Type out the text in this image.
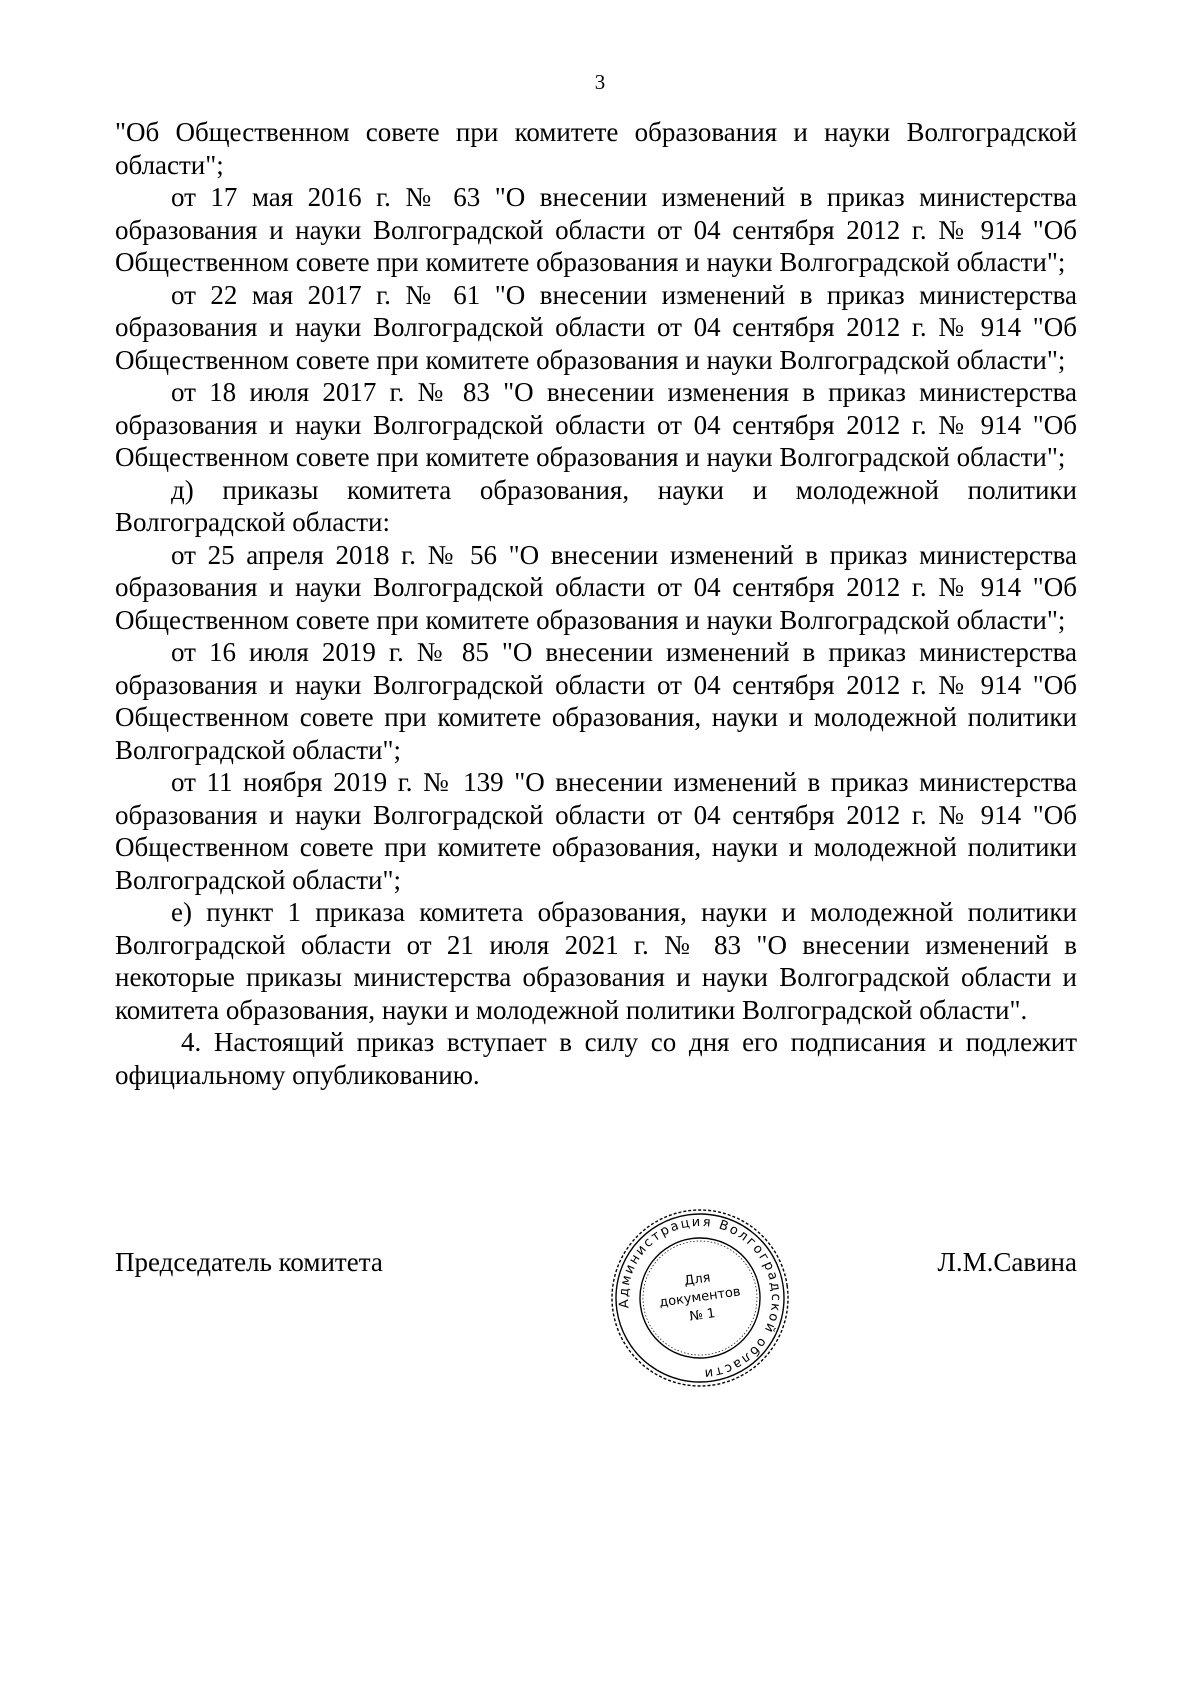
3

"Об Общественном совете при комитете образования и науки Волгоградской области";

от 17 мая 2016 г. № 63 "О внесении изменений в приказ министерства образования и науки Волгоградской области от 04 сентября 2012 г. № 914 "Об Общественном совете при комитете образования и науки Волгоградской области";

от 22 мая 2017 г. № 61 "О внесении изменений в приказ министерства образования и науки Волгоградской области от 04 сентября 2012 г. № 914 "Об Общественном совете при комитете образования и науки Волгоградской области";

от 18 июля 2017 г. № 83 "О внесении изменения в приказ министерства образования и науки Волгоградской области от 04 сентября 2012 г. № 914 "Об Общественном совете при комитете образования и науки Волгоградской области";

д) приказы комитета образования, науки и молодежной политики Волгоградской области:

от 25 апреля 2018 г. № 56 "О внесении изменений в приказ министерства образования и науки Волгоградской области от 04 сентября 2012 г. № 914 "Об Общественном совете при комитете образования и науки Волгоградской области";

от 16 июля 2019 г. № 85 "О внесении изменений в приказ министерства образования и науки Волгоградской области от 04 сентября 2012 г. № 914 "Об Общественном совете при комитете образования, науки и молодежной политики Волгоградской области";

от 11 ноября 2019 г. № 139 "О внесении изменений в приказ министерства образования и науки Волгоградской области от 04 сентября 2012 г. № 914 "Об Общественном совете при комитете образования, науки и молодежной политики Волгоградской области";

е) пункт 1 приказа комитета образования, науки и молодежной политики Волгоградской области от 21 июля 2021 г. № 83 "О внесении изменений в некоторые приказы министерства образования и науки Волгоградской области и комитета образования, науки и молодежной политики Волгоградской области".

4. Настоящий приказ вступает в силу со дня его подписания и подлежит официальному опубликованию.

Председатель комитета	Л.М.Савина
Администрация Волгоградской области
Для
документов
№ 1
